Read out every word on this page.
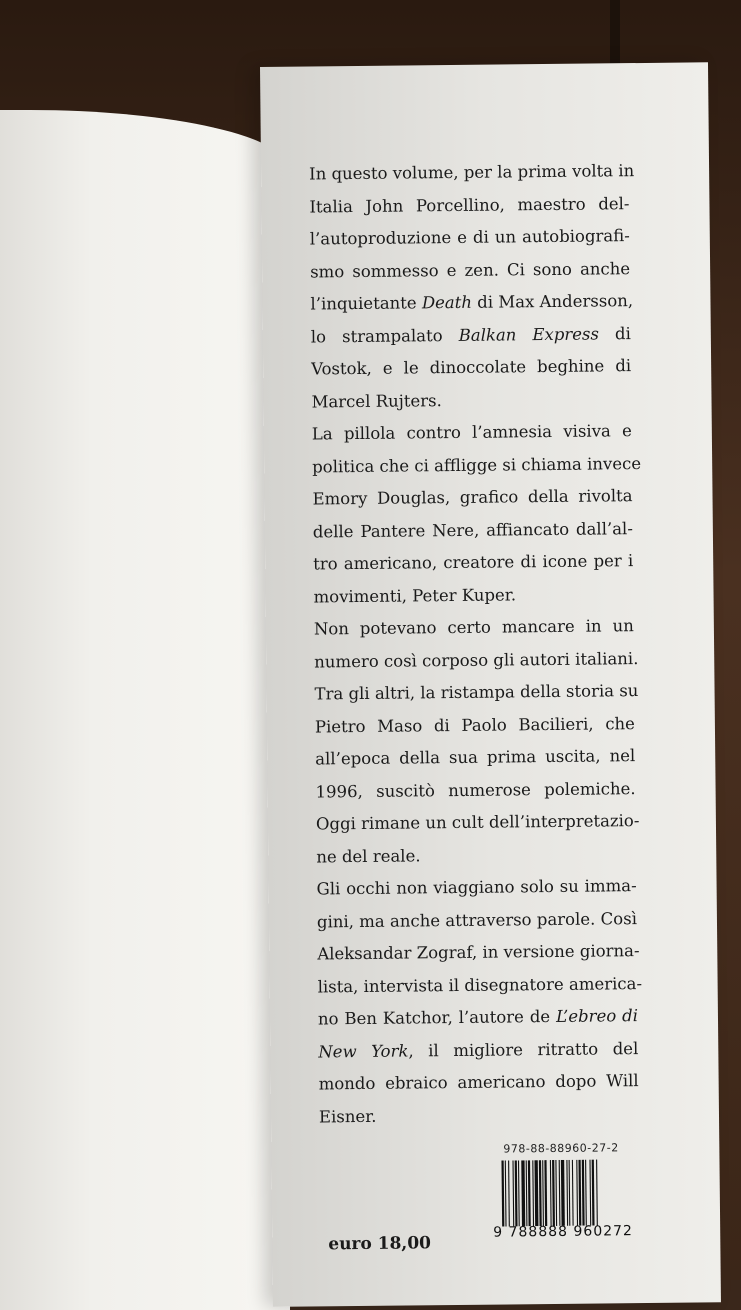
In questo volume, per la prima volta in
Italia John Porcellino, maestro del-
l’autoproduzione e di un autobiografi-
smo sommesso e zen. Ci sono anche
l’inquietante Death di Max Andersson,
lo strampalato Balkan Express di
Vostok, e le dinoccolate beghine di
Marcel Rujters.
La pillola contro l’amnesia visiva e
politica che ci affligge si chiama invece
Emory Douglas, grafico della rivolta
delle Pantere Nere, affiancato dall’al-
tro americano, creatore di icone per i
movimenti, Peter Kuper.
Non potevano certo mancare in un
numero così corposo gli autori italiani.
Tra gli altri, la ristampa della storia su
Pietro Maso di Paolo Bacilieri, che
all’epoca della sua prima uscita, nel
1996, suscitò numerose polemiche.
Oggi rimane un cult dell’interpretazio-
ne del reale.
Gli occhi non viaggiano solo su imma-
gini, ma anche attraverso parole. Così
Aleksandar Zograf, in versione giorna-
lista, intervista il disegnatore america-
no Ben Katchor, l’autore de L’ebreo di
New York, il migliore ritratto del
mondo ebraico americano dopo Will
Eisner.
978-88-88960-27-2
9 788888 960272
euro 18,00
